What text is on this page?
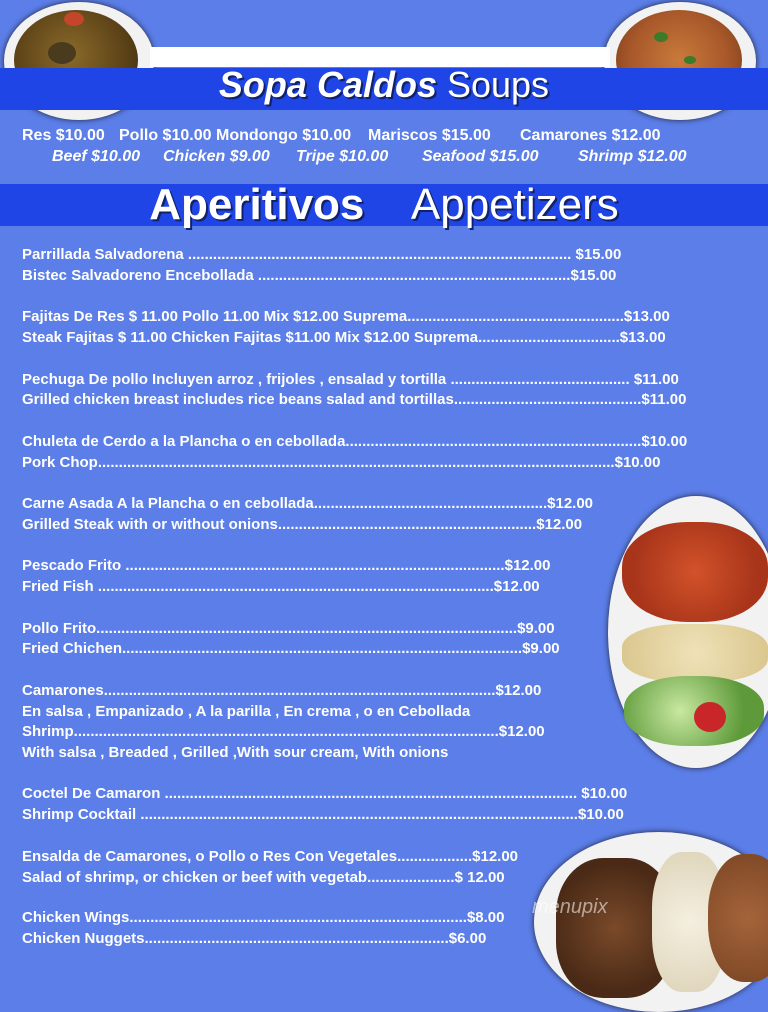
Sopa Caldos Soups
Res $10.00 Pollo $10.00 Mondongo $10.00 Mariscos $15.00 Camarones $12.00
Beef $10.00 Chicken $9.00 Tripe $10.00 Seafood $15.00 Shrimp $12.00
Aperitivos Appetizers
Parrillada Salvadorena ............................................................................................ $15.00
Bistec Salvadoreno Encebollada ...........................................................................$15.00
Fajitas De Res $ 11.00 Pollo 11.00 Mix $12.00 Suprema....................................................$13.00
Steak Fajitas $ 11.00 Chicken Fajitas $11.00 Mix $12.00 Suprema..................................$13.00
Pechuga De pollo Incluyen arroz , frijoles , ensalad y tortilla ........................................... $11.00
Grilled chicken breast includes rice beans salad and tortillas.............................................$11.00
Chuleta de Cerdo a la Plancha o en cebollada.......................................................................$10.00
Pork Chop............................................................................................................................$10.00
Carne Asada A la Plancha o en cebollada........................................................$12.00
Grilled Steak with or without onions..............................................................$12.00
Pescado Frito ...........................................................................................$12.00
Fried Fish ...............................................................................................$12.00
Pollo Frito.....................................................................................................$9.00
Fried Chichen................................................................................................$9.00
Camarones..............................................................................................$12.00
En salsa , Empanizado , A la parilla , En crema , o en Cebollada
Shrimp......................................................................................................$12.00
With salsa , Breaded , Grilled ,With sour cream, With onions
Coctel De Camaron ................................................................................................... $10.00
Shrimp Cocktail .........................................................................................................$10.00
Ensalda de Camarones, o Pollo o Res Con Vegetales..................$12.00
Salad of shrimp, or chicken or beef with vegetab.....................$ 12.00
Chicken Wings.................................................................................$8.00
Chicken Nuggets.........................................................................$6.00
menupix
